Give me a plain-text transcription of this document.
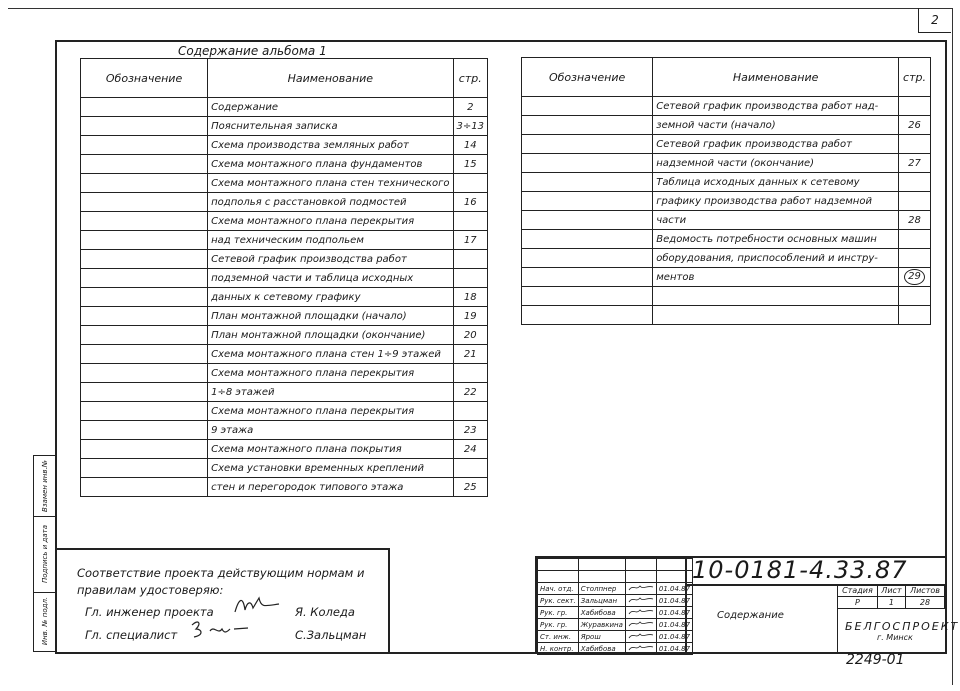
2
Содержание альбома 1
Обозначение	Наименование	стр.
	Содержание	2
	Пояснительная записка	3÷13
	Схема производства земляных работ	14
	Схема монтажного плана фундаментов	15
	Схема монтажного плана стен технического	
	подполья с расстановкой подмостей	16
	Схема монтажного плана перекрытия	
	над техническим подпольем	17
	Сетевой график производства работ	
	подземной части и таблица исходных	
	данных к сетевому графику	18
	План монтажной площадки (начало)	19
	План монтажной площадки (окончание)	20
	Схема монтажного плана стен 1÷9 этажей	21
	Схема монтажного плана перекрытия	
	1÷8 этажей	22
	Схема монтажного плана перекрытия	
	9 этажа	23
	Схема монтажного плана покрытия	24
	Схема установки временных креплений	
	стен и перегородок типового этажа	25
Обозначение	Наименование	стр.
	Сетевой график производства работ над-	
	земной части (начало)	26
	Сетевой график производства работ	
	надземной части (окончание)	27
	Таблица исходных данных к сетевому	
	графику производства работ надземной	
	части	28
	Ведомость потребности основных машин	
	оборудования, приспособлений и инстру-	
	ментов	29

Взамен инв.№
Подпись и дата
Инв. № подл.
Соответствие проекта действующим нормам и
правилам удостоверяю:
Гл. инженер проекта	Я. Коледа
Гл. специалист	С.Зальцман

Нач. отд.	Столпнер		01.04.87
Рук. сект.	Зальцман		01.04.87
Рук. гр.	Хабибова		01.04.87
Рук. гр.	Журавкина		01.04.87
Ст. инж.	Ярош		01.04.87
Н. контр.	Хабибова		01.04.87
10-0181-4.33.87
Содержание
Стадия	Лист	Листов
Р	1	28
БЕЛГОСПРОЕКТ
г. Минск
2249-01
